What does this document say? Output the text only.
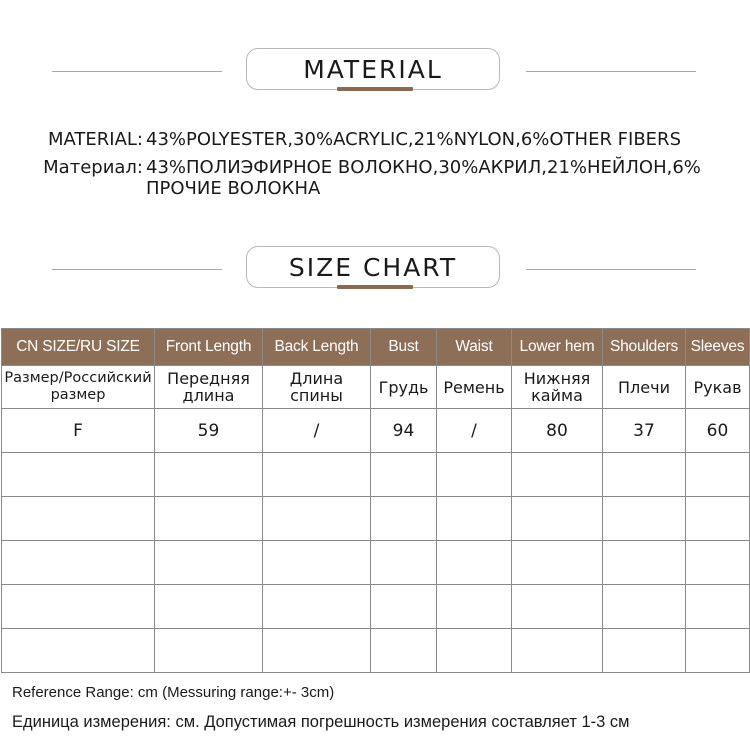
MATERIAL
MATERIAL: 43%POLYESTER,30%ACRYLIC,21%NYLON,6%OTHER FIBERS
Материал: 43%ПОЛИЭФИРНОЕ ВОЛОКНО,30%АКРИЛ,21%НЕЙЛОН,6%
ПРОЧИЕ ВОЛОКНА
SIZE CHART
CN SIZE/RU SIZE	Front Length	Back Length	Bust	Waist	Lower hem	Shoulders	Sleeves
Размер/Российский размер	Передняя длина	Длина спины	Грудь	Ремень	Нижняя кайма	Плечи	Рукав
F	59	/	94	/	80	37	60

Reference Range: cm (Messuring range:+- 3cm)
Единица измерения: см. Допустимая погрешность измерения составляет 1-3 см
